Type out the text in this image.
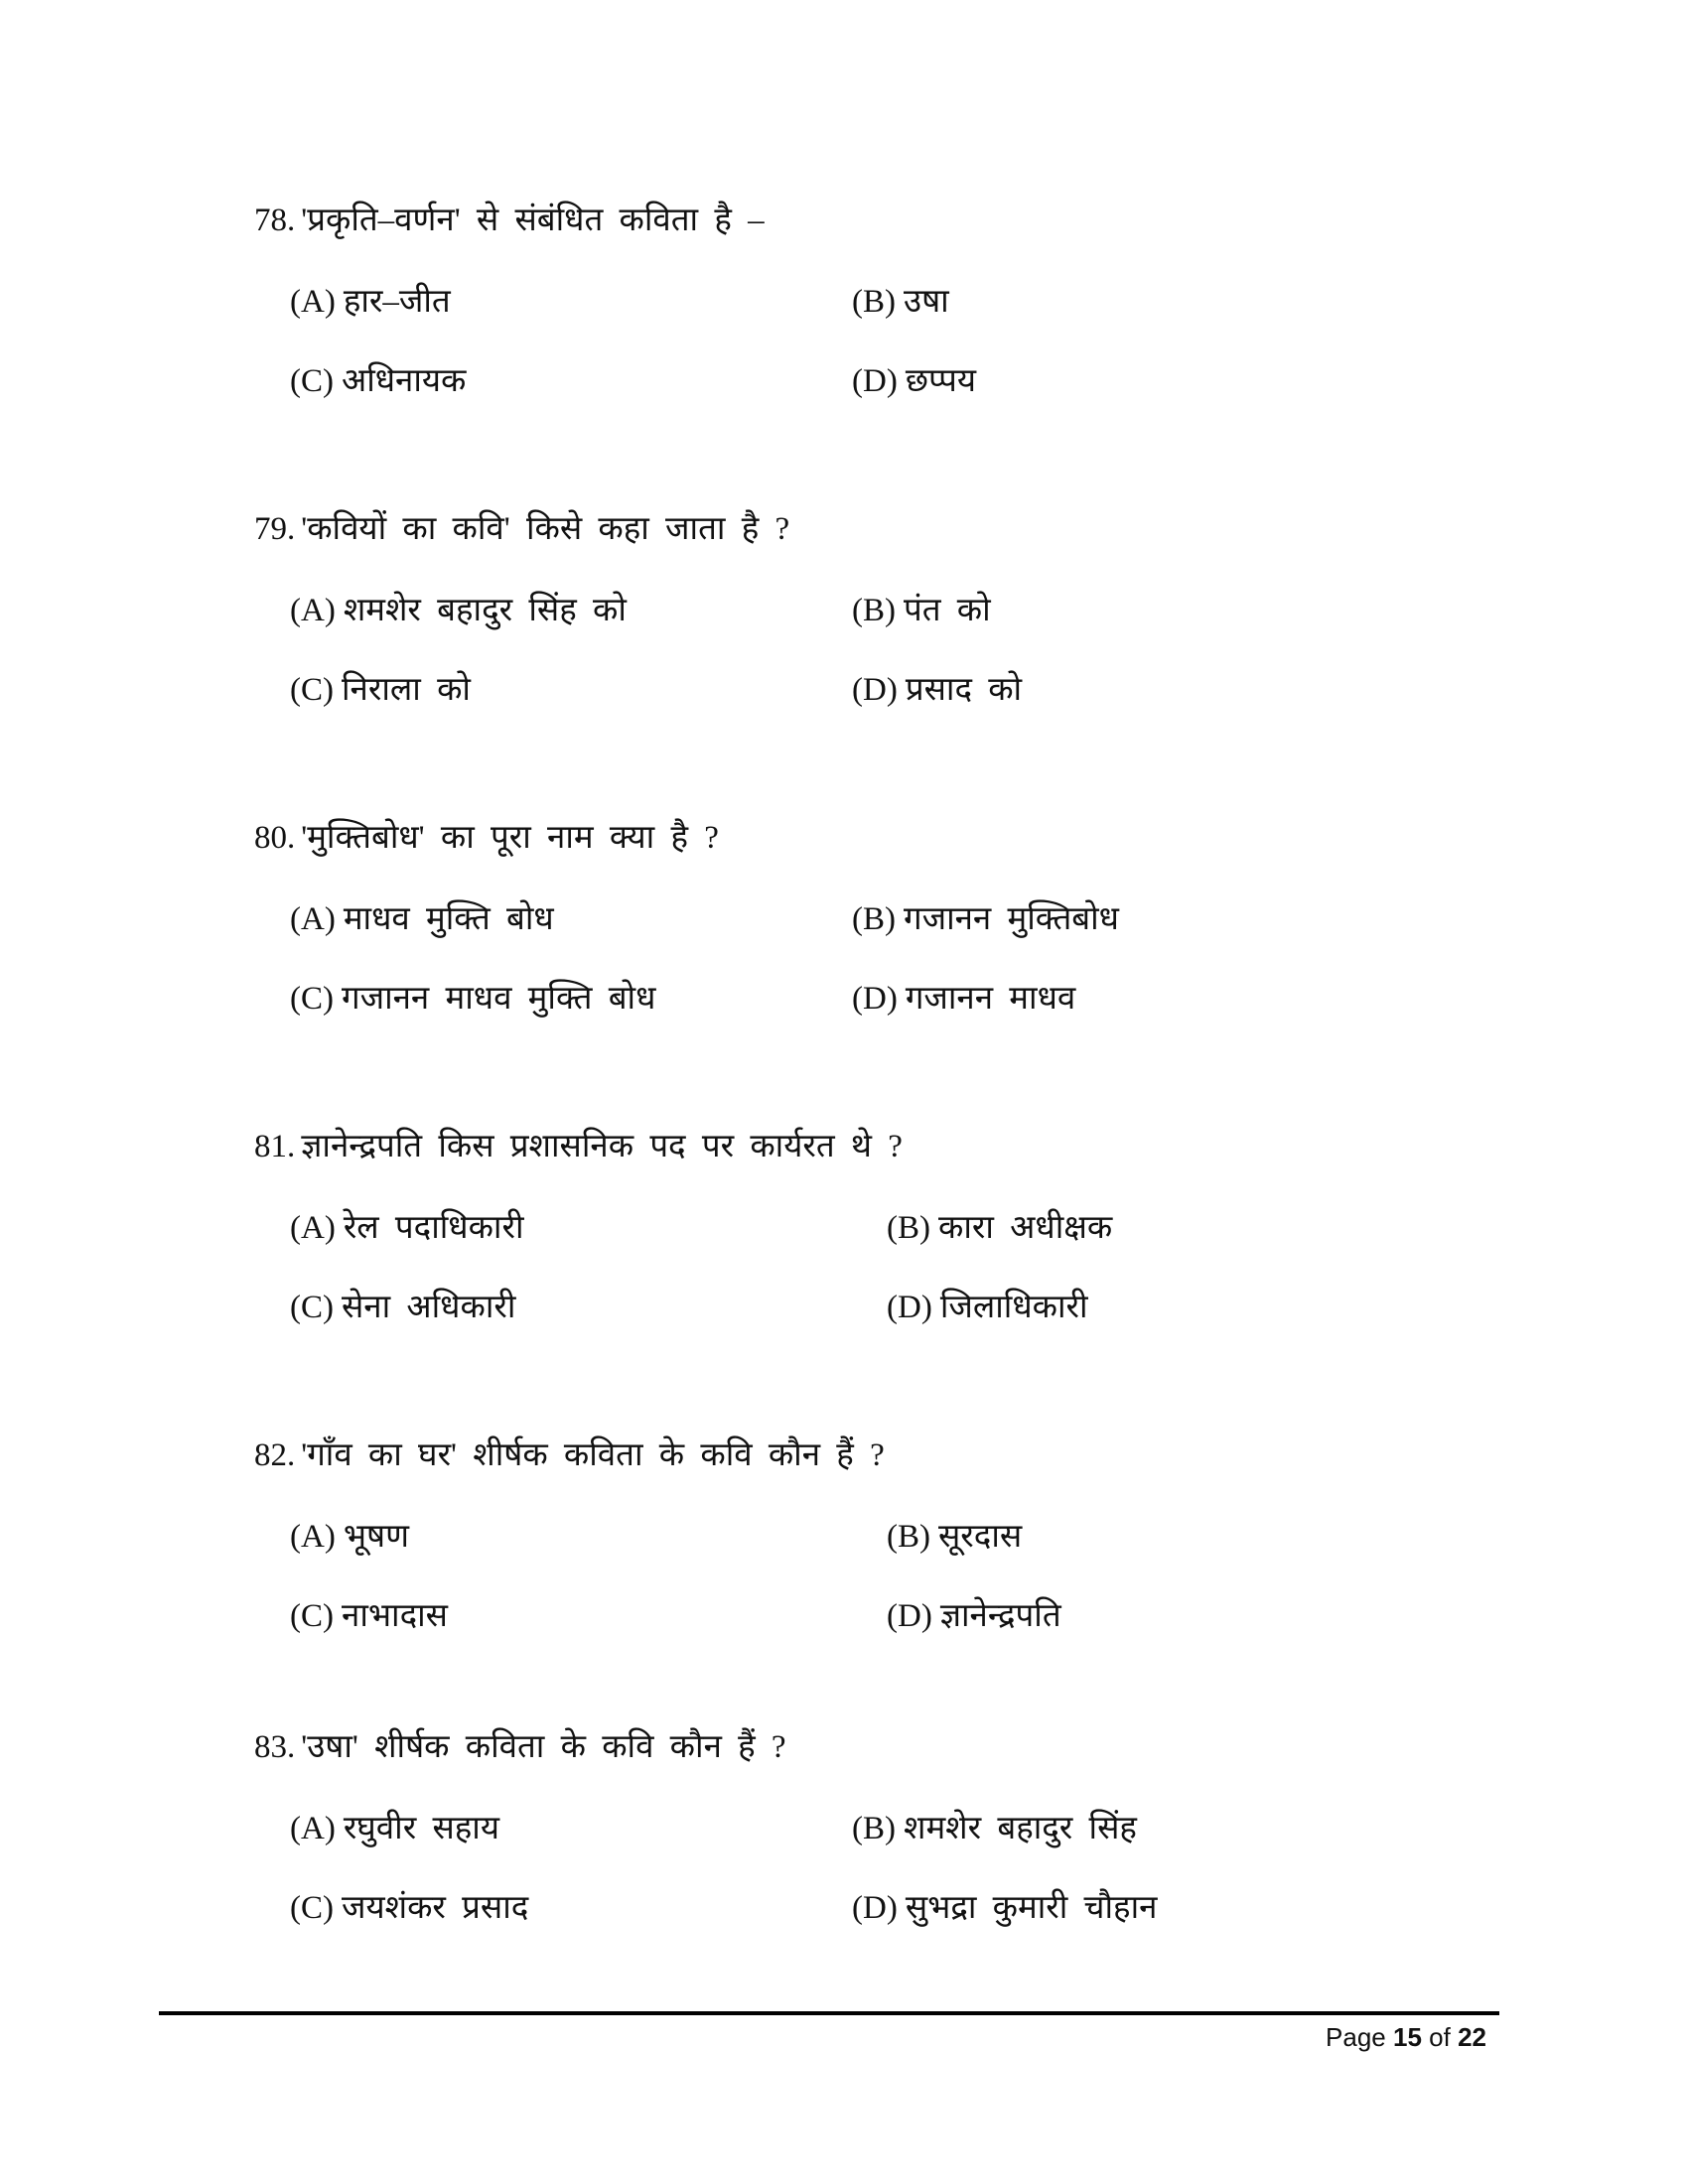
78. 'प्रकृति–वर्णन' से संबंधित कविता है –
(A) हार–जीत	(B) उषा
(C) अधिनायक	(D) छप्पय
79. 'कवियों का कवि' किसे कहा जाता है ?
(A) शमशेर बहादुर सिंह को	(B) पंत को
(C) निराला को	(D) प्रसाद को
80. 'मुक्तिबोध' का पूरा नाम क्या है ?
(A) माधव मुक्ति बोध	(B) गजानन मुक्तिबोध
(C) गजानन माधव मुक्ति बोध	(D) गजानन माधव
81. ज्ञानेन्द्रपति किस प्रशासनिक पद पर कार्यरत थे ?
(A) रेल पदाधिकारी	(B) कारा अधीक्षक
(C) सेना अधिकारी	(D) जिलाधिकारी
82. 'गाँव का घर' शीर्षक कविता के कवि कौन हैं ?
(A) भूषण	(B) सूरदास
(C) नाभादास	(D) ज्ञानेन्द्रपति
83. 'उषा' शीर्षक कविता के कवि कौन हैं ?
(A) रघुवीर सहाय	(B) शमशेर बहादुर सिंह
(C) जयशंकर प्रसाद	(D) सुभद्रा कुमारी चौहान
Page 15 of 22
